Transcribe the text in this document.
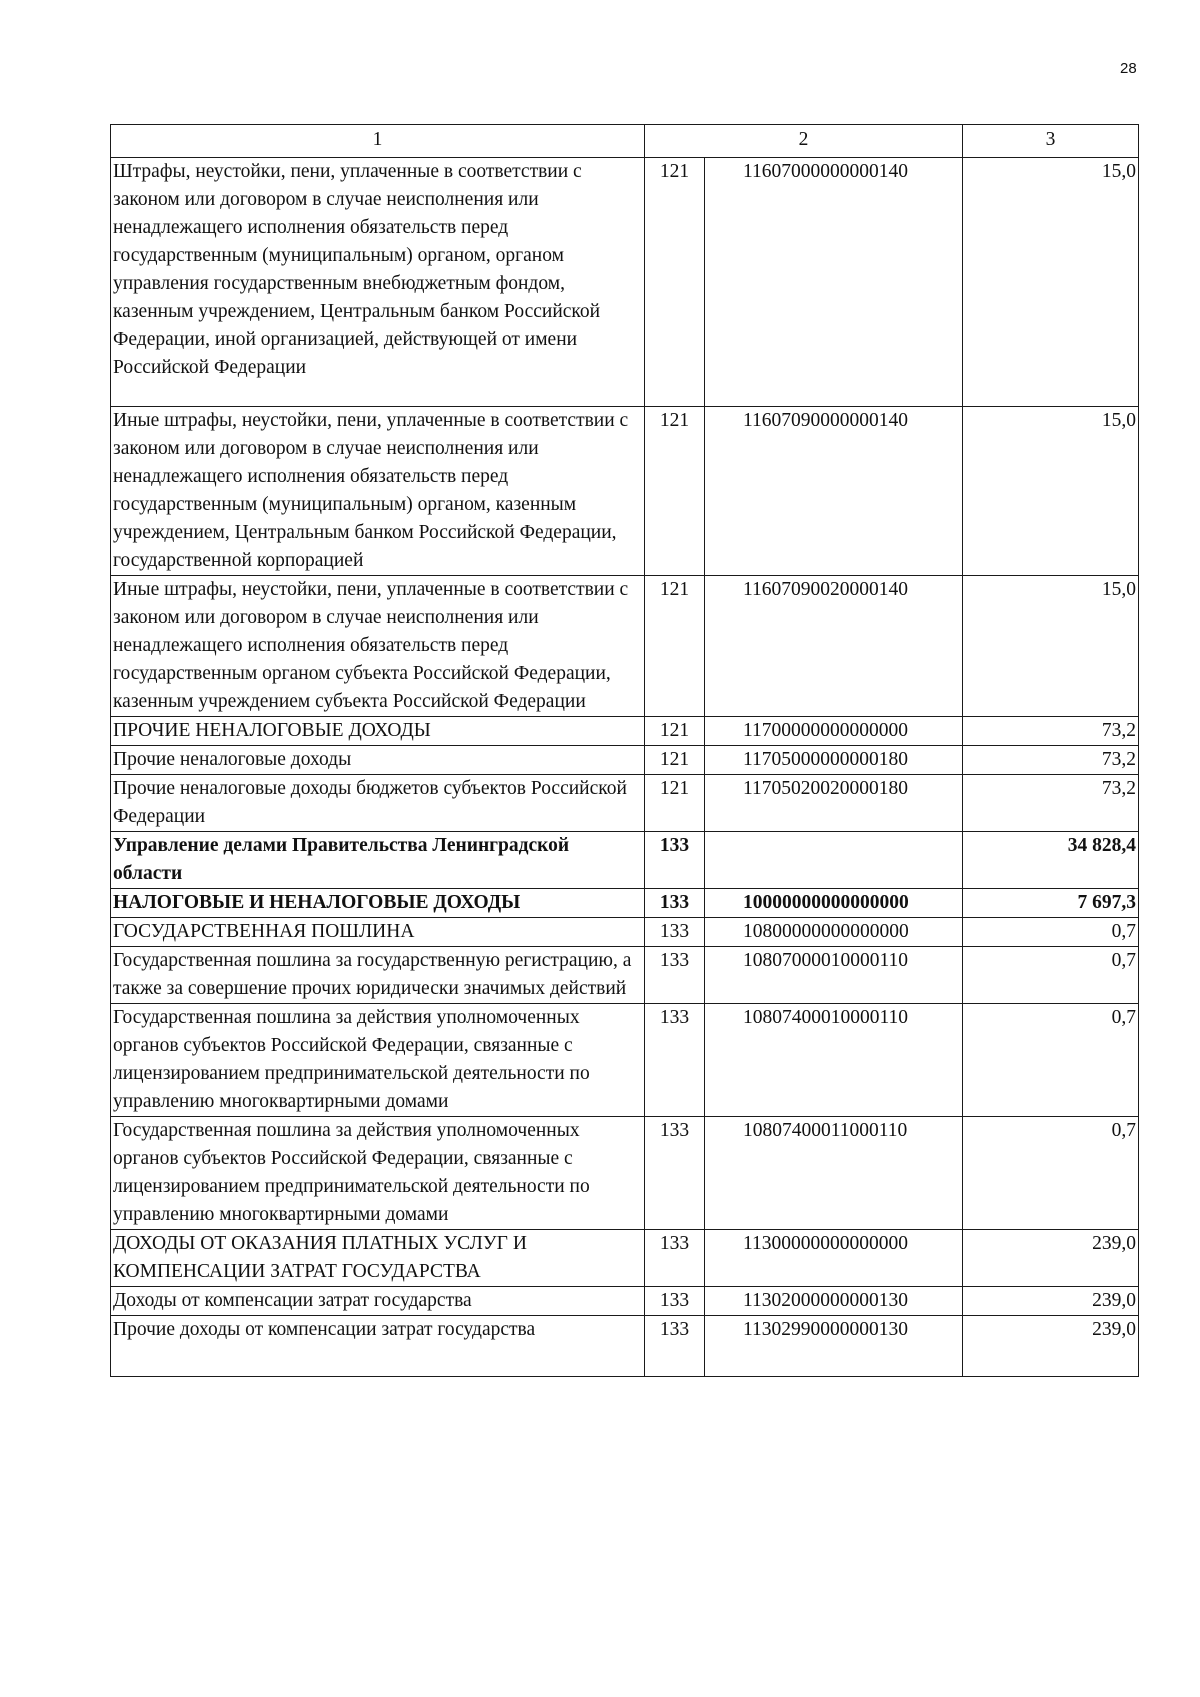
28
1	2		3
Штрафы, неустойки, пени, уплаченные в соответствии с законом или договором в случае неисполнения или ненадлежащего исполнения обязательств перед государственным (муниципальным) органом, органом управления государственным внебюджетным фондом, казенным учреждением, Центральным банком Российской Федерации, иной организацией, действующей от имени Российской Федерации	121	11607000000000140	15,0
Иные штрафы, неустойки, пени, уплаченные в соответствии с законом или договором в случае неисполнения или ненадлежащего исполнения обязательств перед государственным (муниципальным) органом, казенным учреждением, Центральным банком Российской Федерации, государственной корпорацией	121	11607090000000140	15,0
Иные штрафы, неустойки, пени, уплаченные в соответствии с законом или договором в случае неисполнения или ненадлежащего исполнения обязательств перед государственным органом субъекта Российской Федерации, казенным учреждением субъекта Российской Федерации	121	11607090020000140	15,0
ПРОЧИЕ НЕНАЛОГОВЫЕ ДОХОДЫ	121	11700000000000000	73,2
Прочие неналоговые доходы	121	11705000000000180	73,2
Прочие неналоговые доходы бюджетов субъектов Российской Федерации	121	11705020020000180	73,2
Управление делами Правительства Ленинградской области	133		34 828,4
НАЛОГОВЫЕ И НЕНАЛОГОВЫЕ ДОХОДЫ	133	10000000000000000	7 697,3
ГОСУДАРСТВЕННАЯ ПОШЛИНА	133	10800000000000000	0,7
Государственная пошлина за государственную регистрацию, а также за совершение прочих юридически значимых действий	133	10807000010000110	0,7
Государственная пошлина за действия уполномоченных органов субъектов Российской Федерации, связанные с лицензированием предпринимательской деятельности по управлению многоквартирными домами	133	10807400010000110	0,7
Государственная пошлина за действия уполномоченных органов субъектов Российской Федерации, связанные с лицензированием предпринимательской деятельности по управлению многоквартирными домами	133	10807400011000110	0,7
ДОХОДЫ ОТ ОКАЗАНИЯ ПЛАТНЫХ УСЛУГ И КОМПЕНСАЦИИ ЗАТРАТ ГОСУДАРСТВА	133	11300000000000000	239,0
Доходы от компенсации затрат государства	133	11302000000000130	239,0
Прочие доходы от компенсации затрат государства	133	11302990000000130	239,0
